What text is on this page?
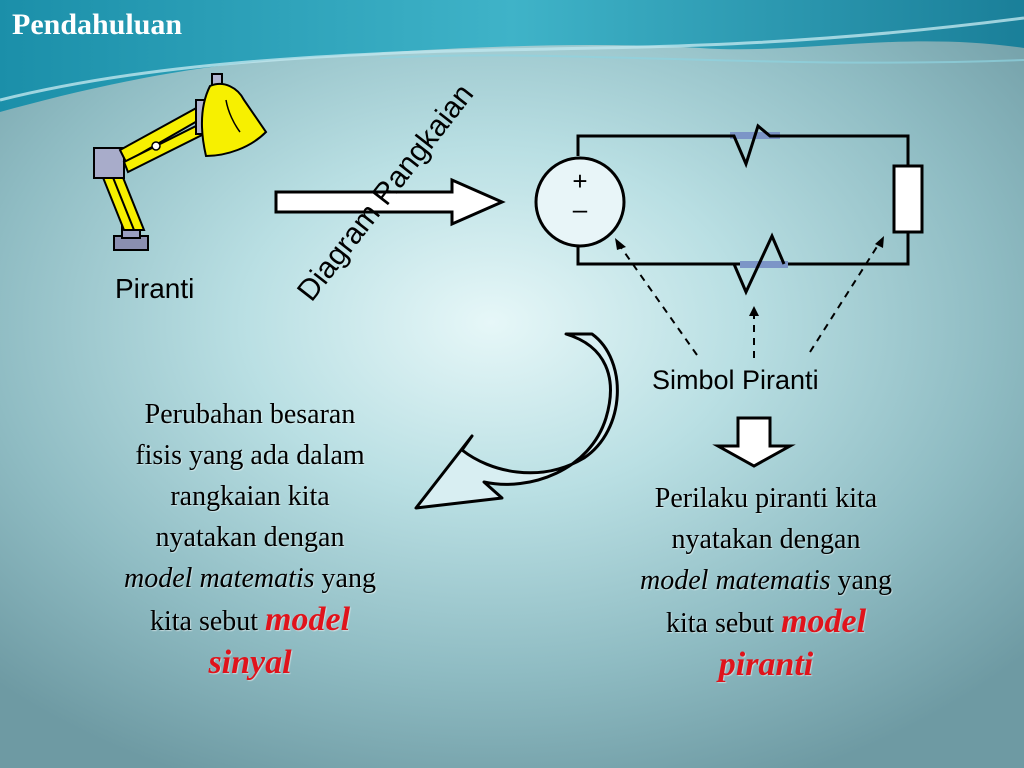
Pendahuluan
+
–
Piranti	Diagram Rangkaian
Simbol Piranti
Perubahan besaran
fisis yang ada dalam
rangkaian kita
nyatakan dengan
model matematis yang
kita sebut model
sinyal
Perilaku piranti kita
nyatakan dengan
model matematis yang
kita sebut model
piranti
